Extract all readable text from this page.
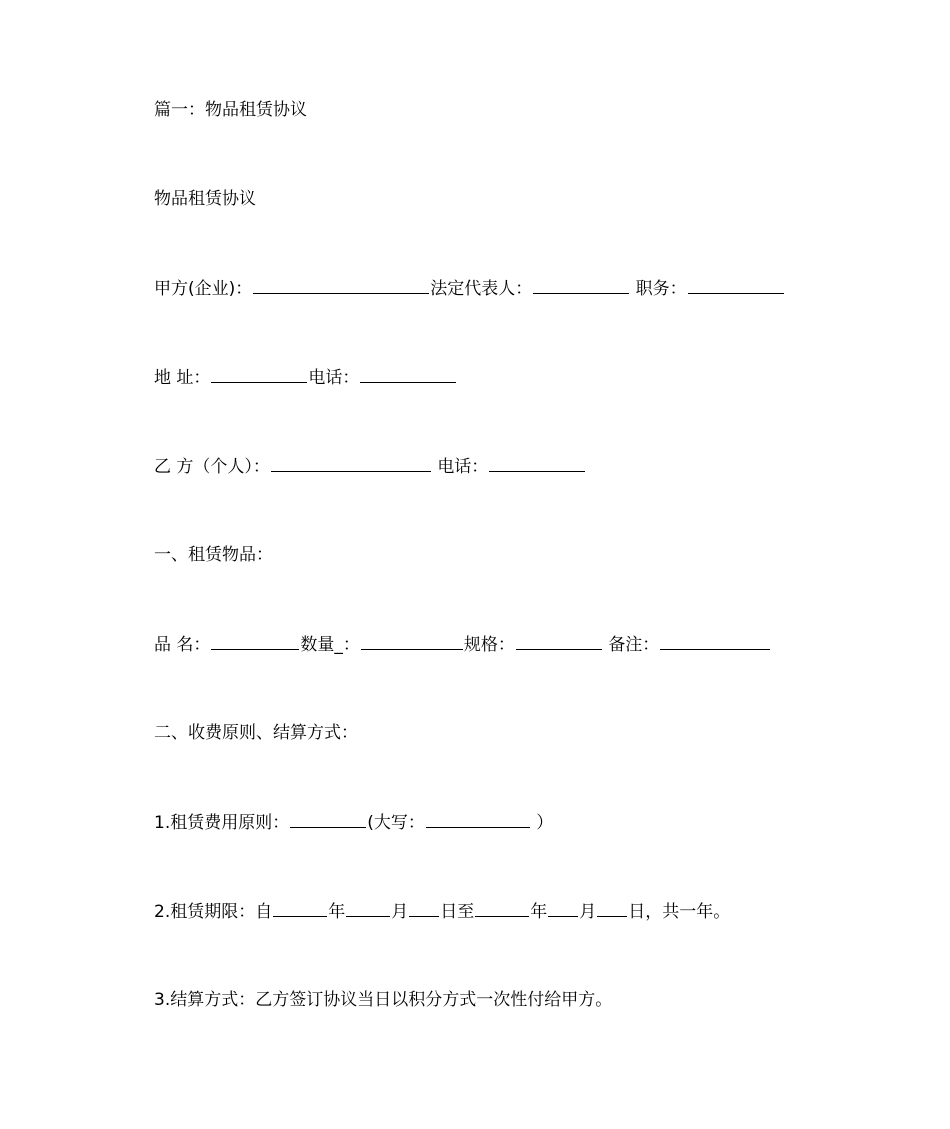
篇一：物品租赁协议
物品租赁协议
甲方(企业)：	法定代表人：	职务：
地 址：	电话：
乙 方（个人）：	电话：
一、租赁物品：
品 名：	数量_：	规格：	备注：
二、收费原则、结算方式：
1.租赁费用原则：	(大写：	）
2.租赁期限：自	年	月 日至	年 月 日，共一年。
3.结算方式：乙方签订协议当日以积分方式一次性付给甲方。
